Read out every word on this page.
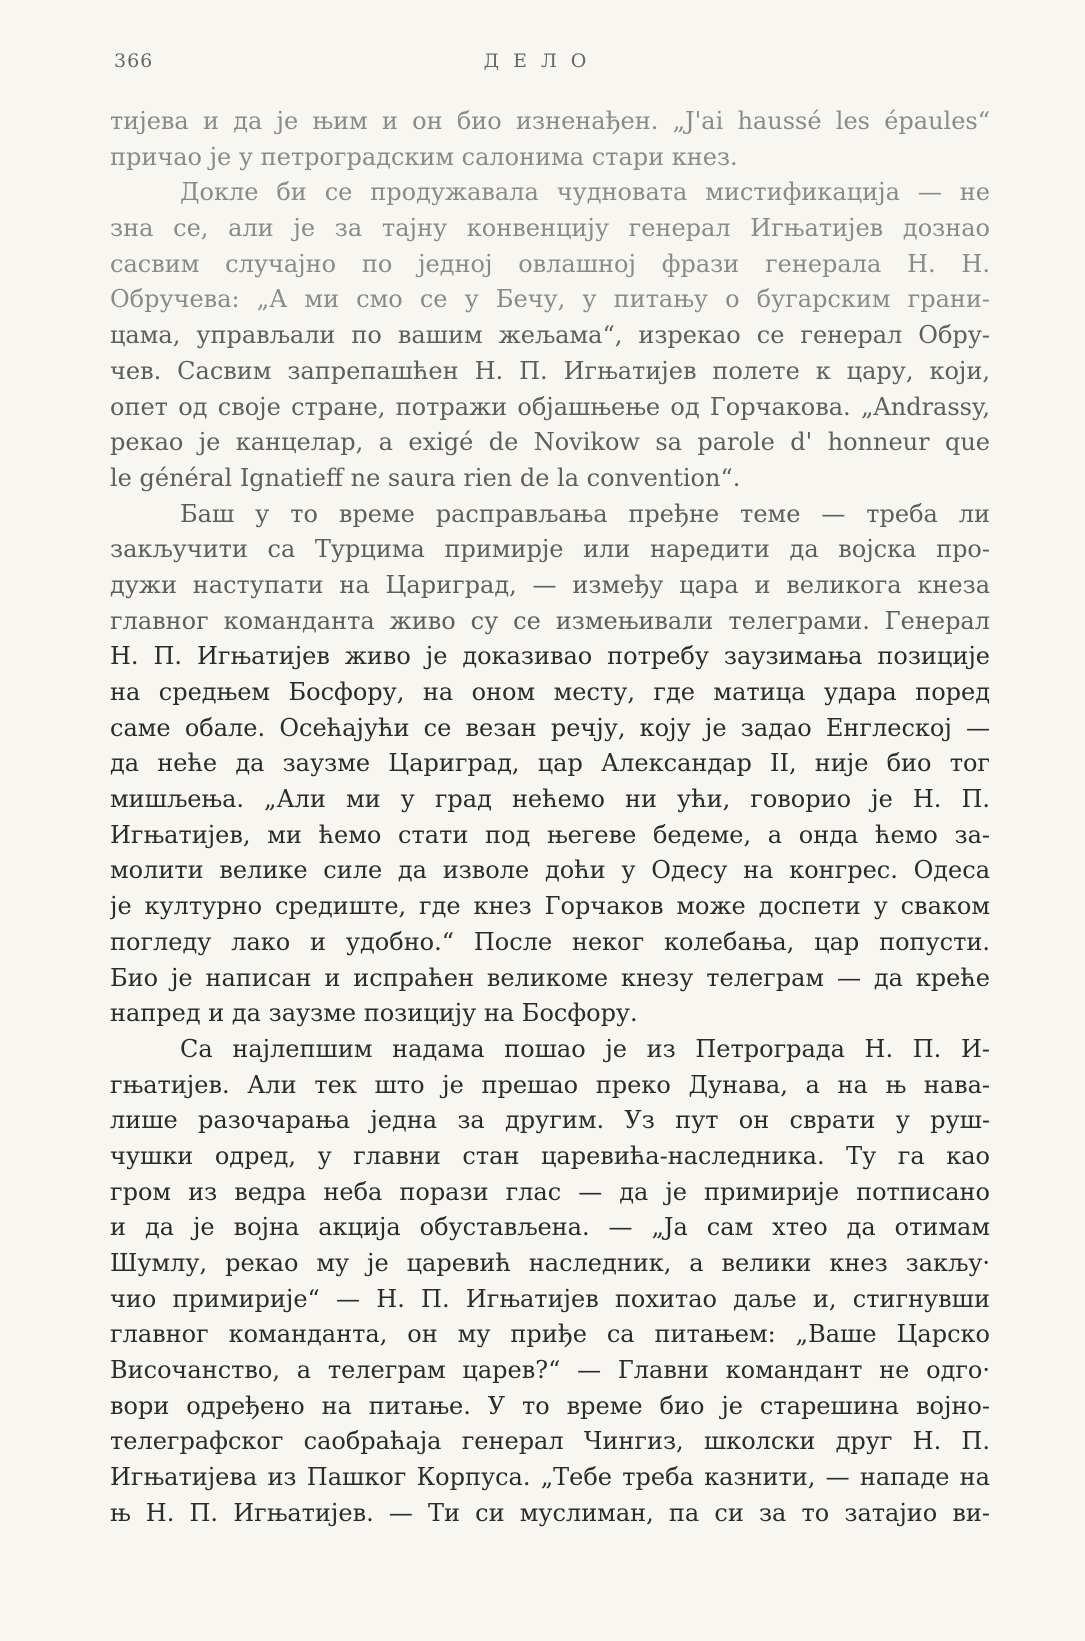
366	ДЕЛО
тијева и да је њим и он био изненађен. „J'ai haussé les épaules“
причао је у петроградским салонима стари кнез.
Докле би се продужавала чудновата мистификација — не
зна се, али је за тајну конвенцију генерал Игњатијев дознао
сасвим случајно по једној овлашној фрази генерала Н. Н.
Обручева: „А ми смо се у Бечу, у питању о бугарским грани-
цама, управљали по вашим жељама“, изрекао се генерал Обру-
чев. Сасвим запрепашћен Н. П. Игњатијев полете к цару, који,
опет од своје стране, потражи објашњење од Горчакова. „Andrassy,
рекао је канцелар, a exigé de Novikow sa parole d' honneur que
le général Ignatieff ne saura rien de la convention“.
Баш у то време расправљања пређне теме — треба ли
закључити са Турцима примирје или наредити да војска про-
дужи наступати на Цариград, — између цара и великога кнеза
главног команданта живо су се измењивали телеграми. Генерал
Н. П. Игњатијев живо је доказивао потребу заузимања позиције
на средњем Босфору, на оном месту, где матица удара поред
саме обале. Осећајући се везан речју, коју је задао Енглеској —
да неће да заузме Цариград, цар Александар II, није био тог
мишљења. „Али ми у град нећемо ни ући, говорио је Н. П.
Игњатијев, ми ћемо стати под његеве бедеме, а онда ћемо за-
молити велике силе да изволе доћи у Одесу на конгрес. Одеса
је културно средиште, где кнез Горчаков може доспети у сваком
погледу лако и удобно.“ После неког колебања, цар попусти.
Био је написан и испраћен великоме кнезу телеграм — да креће
напред и да заузме позицију на Босфору.
Са најлепшим надама пошао је из Петрограда Н. П. И-
гњатијев. Али тек што је прешао преко Дунава, а на њ нава-
лише разочарања једна за другим. Уз пут он сврати у руш-
чушки одред, у главни стан царевића-наследника. Ту га као
гром из ведра неба порази глас — да је примирије потписано
и да је војна акција обустављена. — „Ја сам хтео да отимам
Шумлу, рекао му је царевић наследник, а велики кнез закљу·
чио примирије“ — Н. П. Игњатијев похитао даље и, стигнувши
главног команданта, он му приђе са питањем: „Ваше Царско
Височанство, а телеграм царев?“ — Главни командант не одго·
вори одређено на питање. У то време био је старешина војно-
телеграфског саобраћаја генерал Чингиз, школски друг Н. П.
Игњатијева из Пашког Корпуса. „Тебе треба казнити, — нападе на
њ Н. П. Игњатијев. — Ти си муслиман, па си за то затајио ви-
